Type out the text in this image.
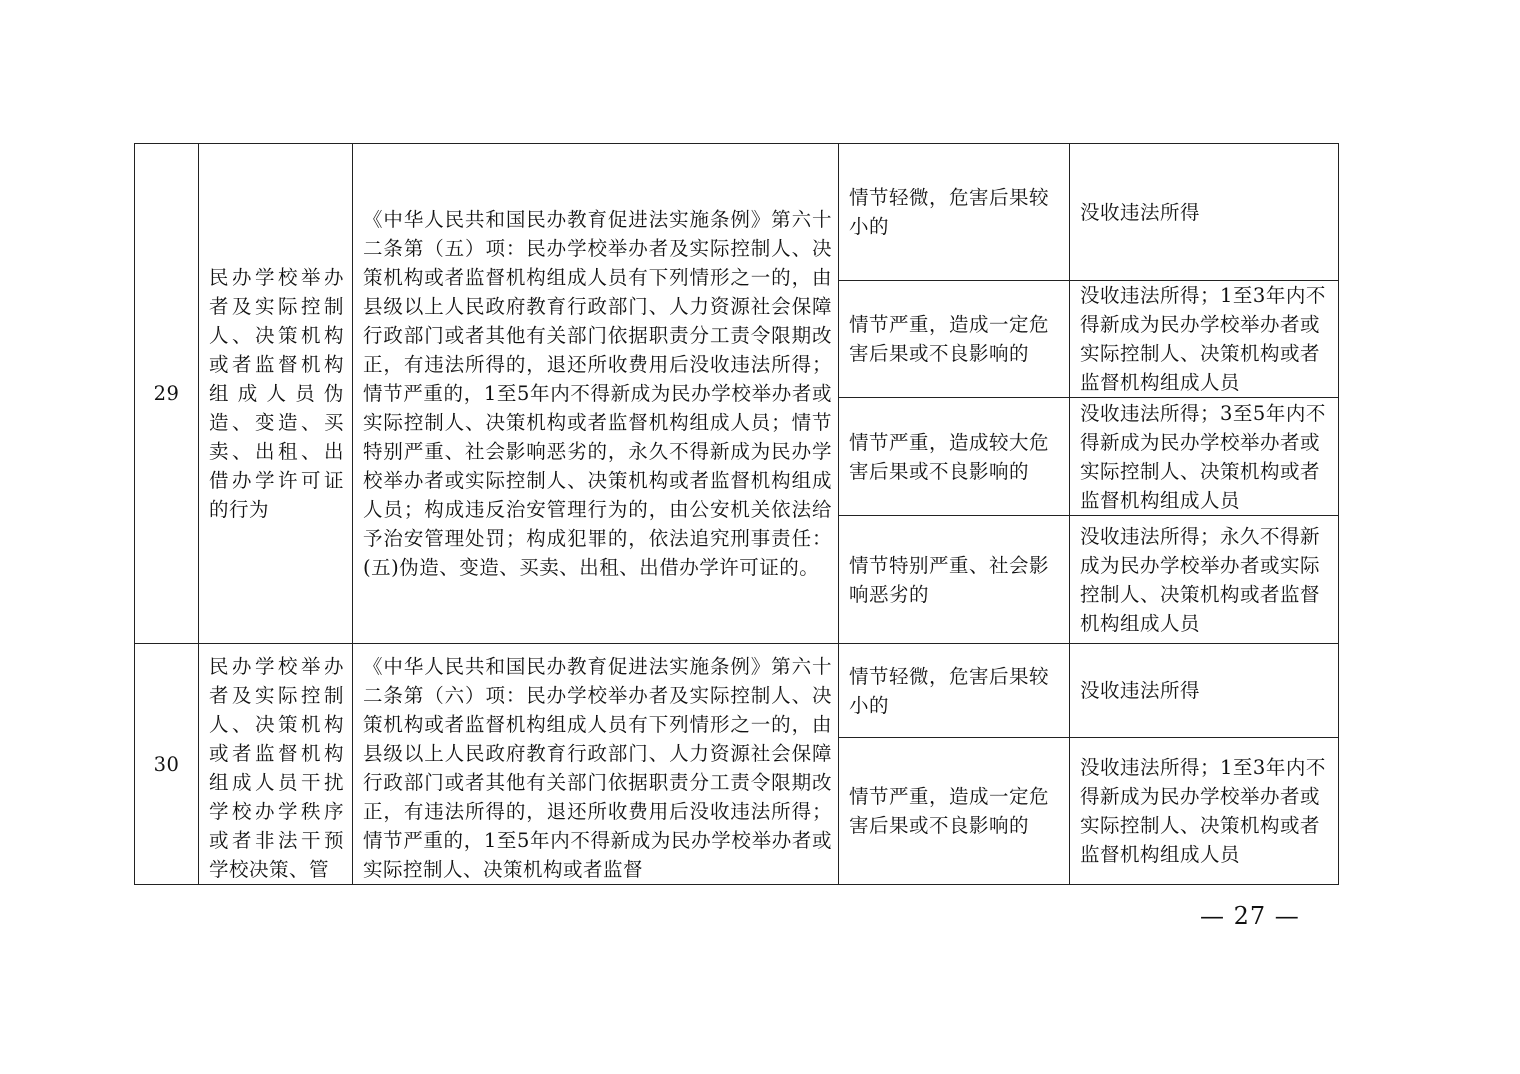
29	民办学校举办者及实际控制人、决策机构或者监督机构组成人员伪造、变造、买卖、出租、出借办学许可证的行为	《中华人民共和国民办教育促进法实施条例》第六十二条第（五）项：民办学校举办者及实际控制人、决策机构或者监督机构组成人员有下列情形之一的，由县级以上人民政府教育行政部门、人力资源社会保障行政部门或者其他有关部门依据职责分工责令限期改正，有违法所得的，退还所收费用后没收违法所得；情节严重的，1至5年内不得新成为民办学校举办者或实际控制人、决策机构或者监督机构组成人员；情节特别严重、社会影响恶劣的，永久不得新成为民办学校举办者或实际控制人、决策机构或者监督机构组成人员；构成违反治安管理行为的，由公安机关依法给予治安管理处罚；构成犯罪的，依法追究刑事责任：(五)伪造、变造、买卖、出租、出借办学许可证的。	情节轻微，危害后果较小的	没收违法所得
			情节严重，造成一定危害后果或不良影响的	没收违法所得；1至3年内不得新成为民办学校举办者或实际控制人、决策机构或者监督机构组成人员
			情节严重，造成较大危害后果或不良影响的	没收违法所得；3至5年内不得新成为民办学校举办者或实际控制人、决策机构或者监督机构组成人员
			情节特别严重、社会影响恶劣的	没收违法所得；永久不得新成为民办学校举办者或实际控制人、决策机构或者监督机构组成人员
30	民办学校举办者及实际控制人、决策机构或者监督机构组成人员干扰学校办学秩序或者非法干预学校决策、管	《中华人民共和国民办教育促进法实施条例》第六十二条第（六）项：民办学校举办者及实际控制人、决策机构或者监督机构组成人员有下列情形之一的，由县级以上人民政府教育行政部门、人力资源社会保障行政部门或者其他有关部门依据职责分工责令限期改正，有违法所得的，退还所收费用后没收违法所得；情节严重的，1至5年内不得新成为民办学校举办者或实际控制人、决策机构或者监督	情节轻微，危害后果较小的	没收违法所得
			情节严重，造成一定危害后果或不良影响的	没收违法所得；1至3年内不得新成为民办学校举办者或实际控制人、决策机构或者监督机构组成人员
— 27 —
